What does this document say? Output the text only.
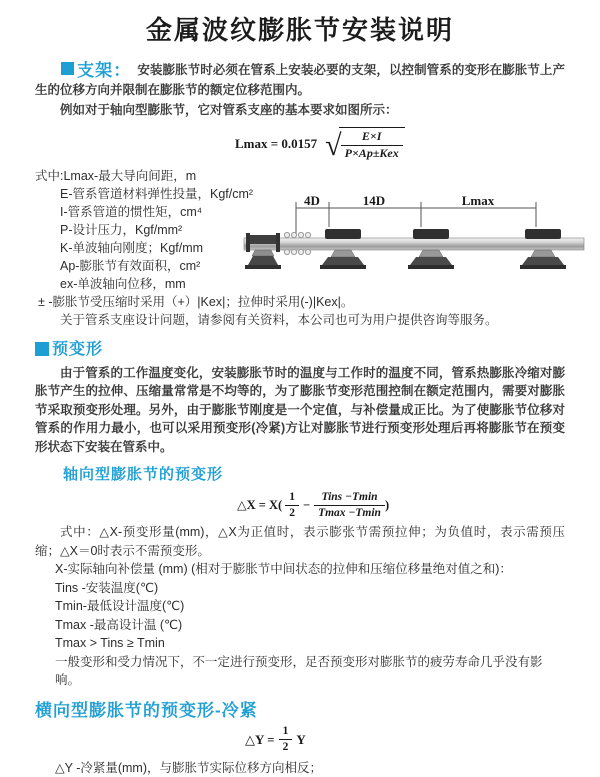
金属波纹膨胀节安装说明

支架： 安装膨胀节时必须在管系上安装必要的支架，以控制管系的变形在膨胀节上产生的位移方向并限制在膨胀节的额定位移范围内。

例如对于轴向型膨胀节，它对管系支座的基本要求如图所示：

Lmax = 0.0157 √ $\frac{E\times I}{\text{P×Ap±Kex}}$

式中:Lmax-最大导向间距，m

E-管系管道材料弹性投量，Kgf/cm²

I-管系管道的惯性矩，cm⁴

P-设计压力，Kgf/mm²

K-单波轴向刚度；Kgf/mm

Ap-膨胀节有效面积，cm²

ex-单波轴向位移，mm

± -膨胀节受压缩时采用（+）|Kex|；拉伸时采用(-)|Kex|。

关于管系支座设计问题，请参阅有关资料，本公司也可为用户提供咨询等服务。

4D	14D	Lmax

预变形

由于管系的工作温度变化，安装膨胀节时的温度与工作时的温度不同，管系热膨胀冷缩对膨胀节产生的拉伸、压缩量常常是不均等的，为了膨胀节变形范围控制在额定范围内，需要对膨胀节采取预变形处理。另外，由于膨胀节刚度是一个定值，与补偿量成正比。为了使膨胀节位移对管系的作用力最小，也可以采用预变形(冷紧)方让对膨胀节进行预变形处理后再将膨胀节在预变形状态下安装在管系中。

轴向型膨胀节的预变形

△X = $X( \frac{1}{2} - \frac{\text{Tins −Tmin}}{Tmax -Tmin}$ )

式中：△X-预变形量(mm)，△X为正值时，表示膨张节需预拉伸；为负值时，表示需预压缩；△X＝0时表示不需预变形。

X-实际轴向补偿量 (mm) (相对于膨胀节中间状态的拉伸和压缩位移量绝对值之和)：

Tins -安装温度(℃)

Tmin-最低设计温度(℃)

Tmax -最高设计温 (℃)

Tmax > Tins ≥ Tmin

一般变形和受力情况下，不一定进行预变形，足否预变形对膨胀节的疲劳寿命几乎没有影响。

横向型膨胀节的预变形-冷紧

△Y = $\frac{1}{2}$ Y

△Y -冷紧量(mm)，与膨胀节实际位移方向相反；
